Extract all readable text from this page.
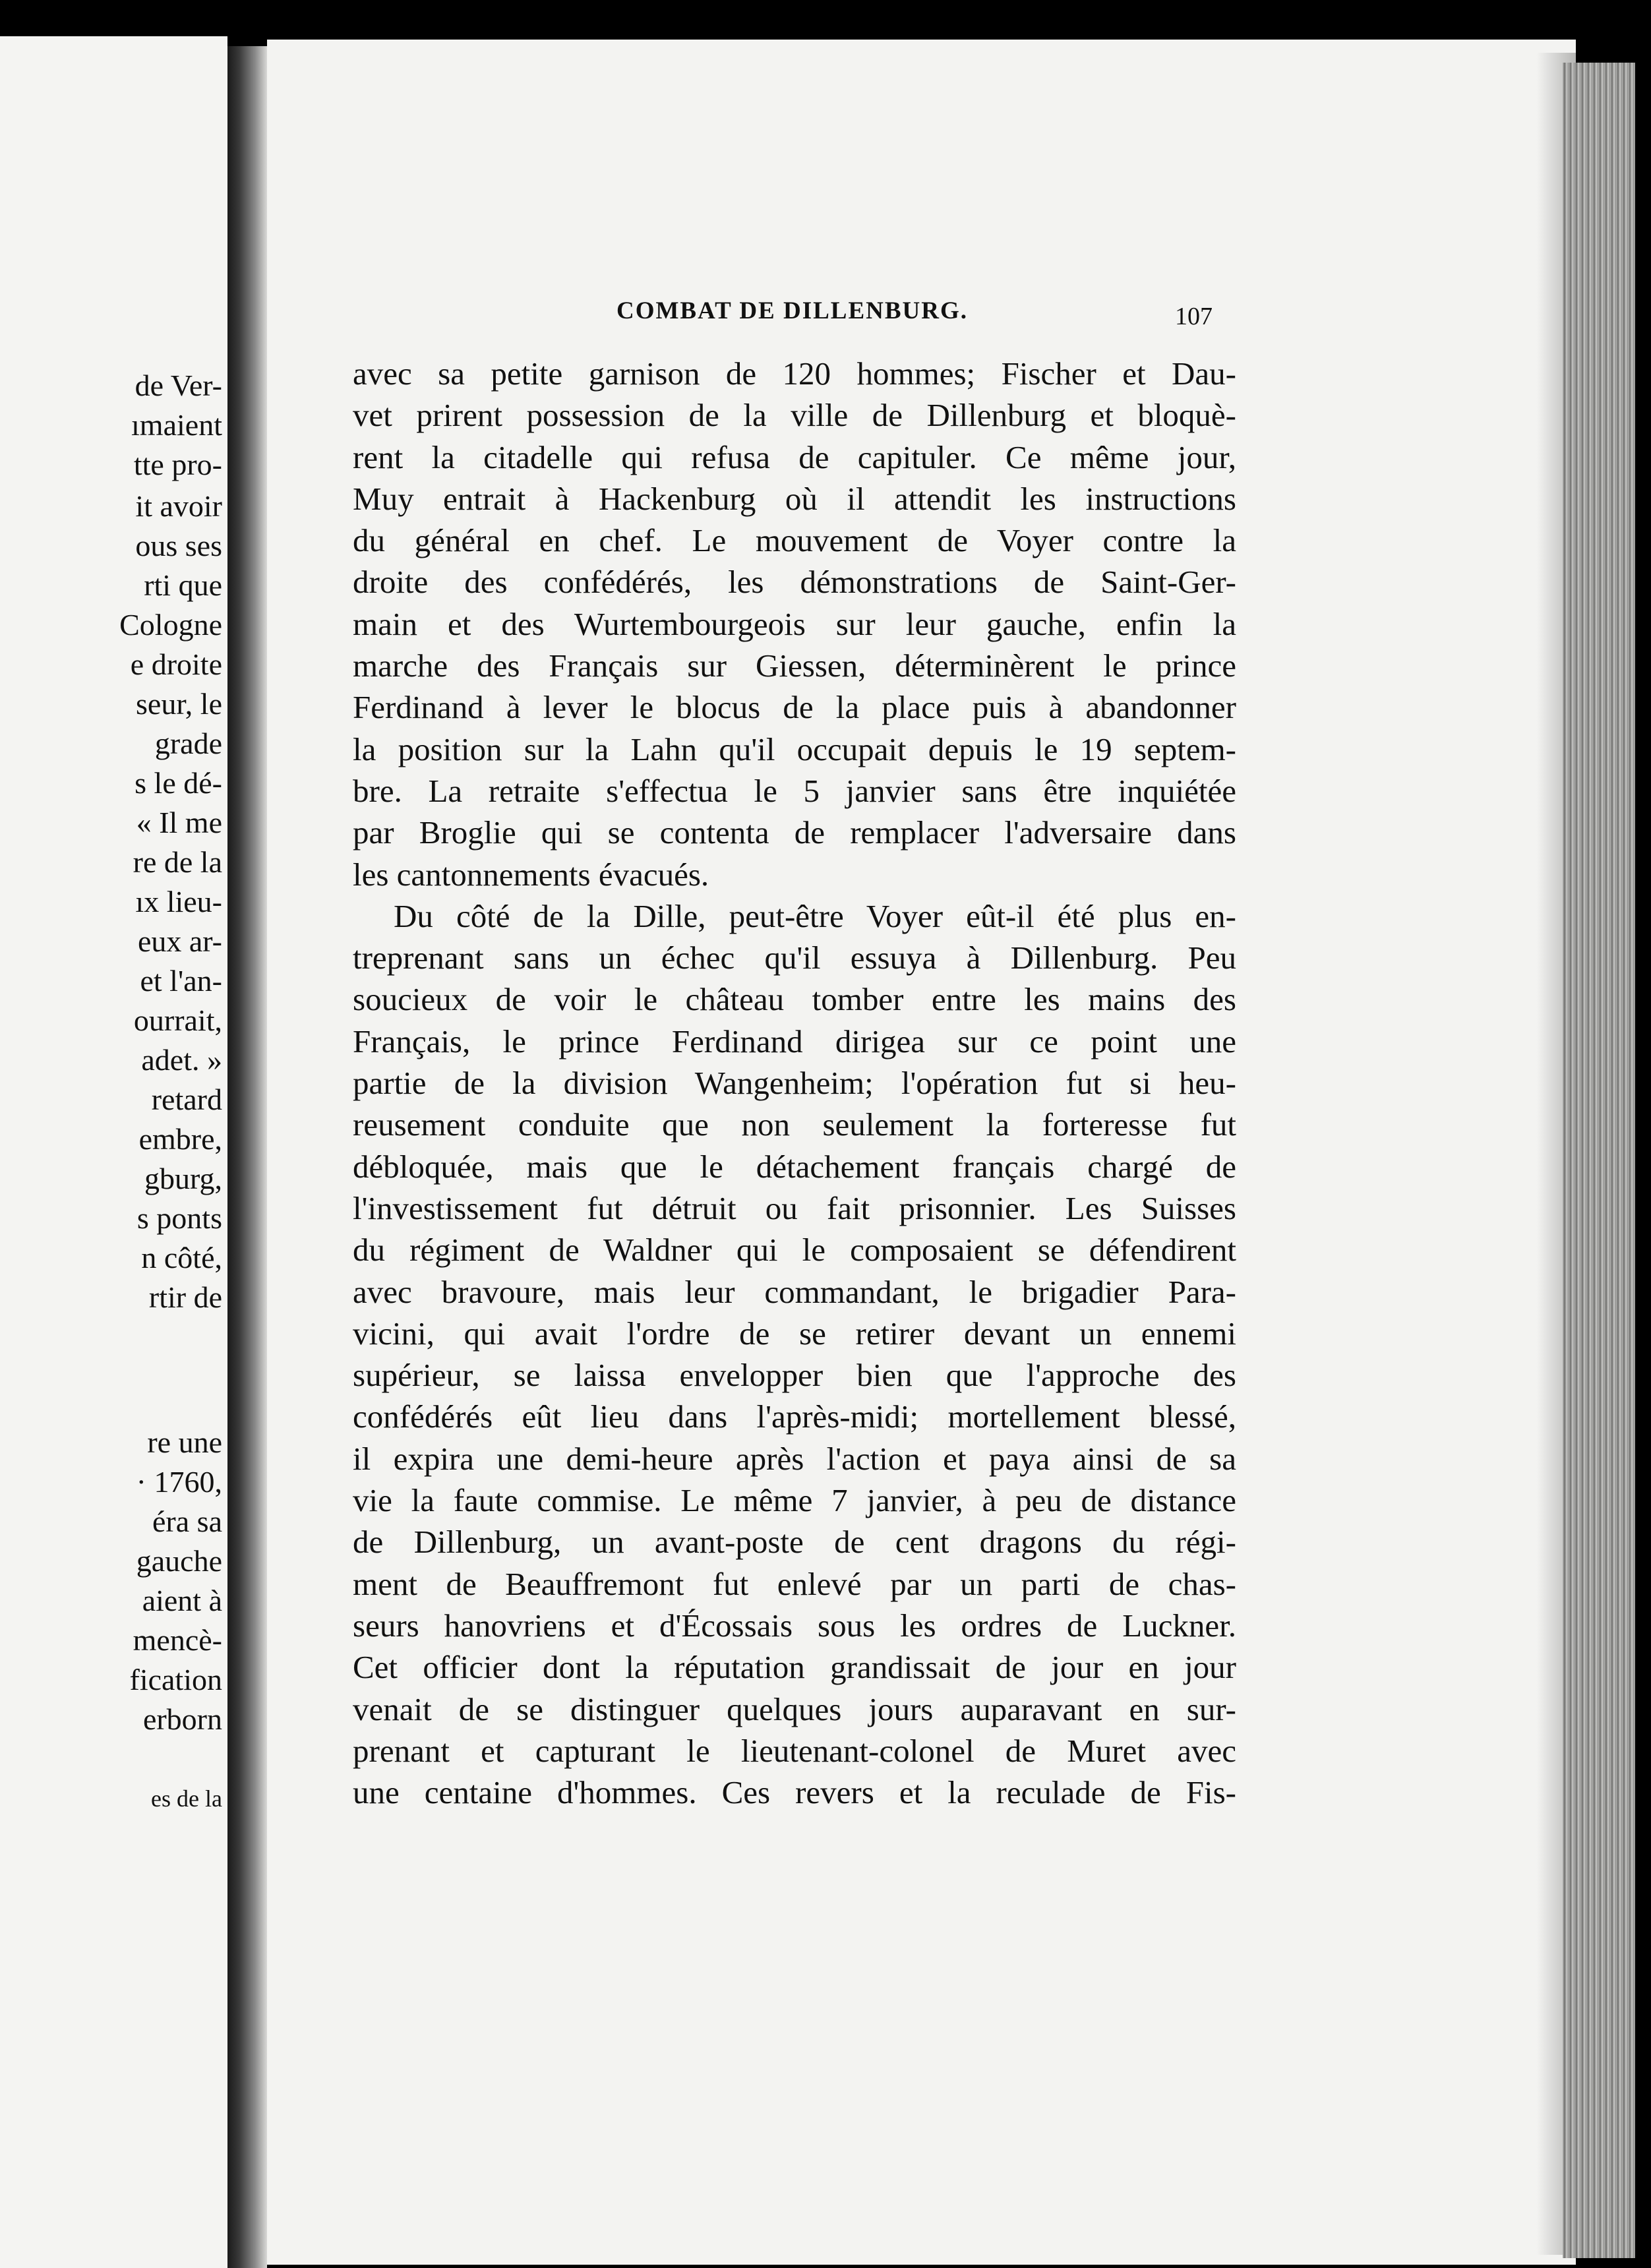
de Ver-
ımaient
tte pro-
it avoir
ous ses
rti que
Cologne
e droite
seur, le
grade
s le dé-
« Il me
re de la
ıx lieu-
eux ar-
et l'an-
ourrait,
adet. »
retard
embre,
gburg,
s ponts
n côté,
rtir de
re une
· 1760,
éra sa
gauche
aient à
mencè-
fication
erborn
es de la
COMBAT DE DILLENBURG.	107
avec sa petite garnison de 120 hommes; Fischer et Dau-
vet prirent possession de la ville de Dillenburg et bloquè-
rent la citadelle qui refusa de capituler. Ce même jour,
Muy entrait à Hackenburg où il attendit les instructions
du général en chef. Le mouvement de Voyer contre la
droite des confédérés, les démonstrations de Saint-Ger-
main et des Wurtembourgeois sur leur gauche, enfin la
marche des Français sur Giessen, déterminèrent le prince
Ferdinand à lever le blocus de la place puis à abandonner
la position sur la Lahn qu'il occupait depuis le 19 septem-
bre. La retraite s'effectua le 5 janvier sans être inquiétée
par Broglie qui se contenta de remplacer l'adversaire dans
les cantonnements évacués.
Du côté de la Dille, peut-être Voyer eût-il été plus en-
treprenant sans un échec qu'il essuya à Dillenburg. Peu
soucieux de voir le château tomber entre les mains des
Français, le prince Ferdinand dirigea sur ce point une
partie de la division Wangenheim; l'opération fut si heu-
reusement conduite que non seulement la forteresse fut
débloquée, mais que le détachement français chargé de
l'investissement fut détruit ou fait prisonnier. Les Suisses
du régiment de Waldner qui le composaient se défendirent
avec bravoure, mais leur commandant, le brigadier Para-
vicini, qui avait l'ordre de se retirer devant un ennemi
supérieur, se laissa envelopper bien que l'approche des
confédérés eût lieu dans l'après-midi; mortellement blessé,
il expira une demi-heure après l'action et paya ainsi de sa
vie la faute commise. Le même 7 janvier, à peu de distance
de Dillenburg, un avant-poste de cent dragons du régi-
ment de Beauffremont fut enlevé par un parti de chas-
seurs hanovriens et d'Écossais sous les ordres de Luckner.
Cet officier dont la réputation grandissait de jour en jour
venait de se distinguer quelques jours auparavant en sur-
prenant et capturant le lieutenant-colonel de Muret avec
une centaine d'hommes. Ces revers et la reculade de Fis-
